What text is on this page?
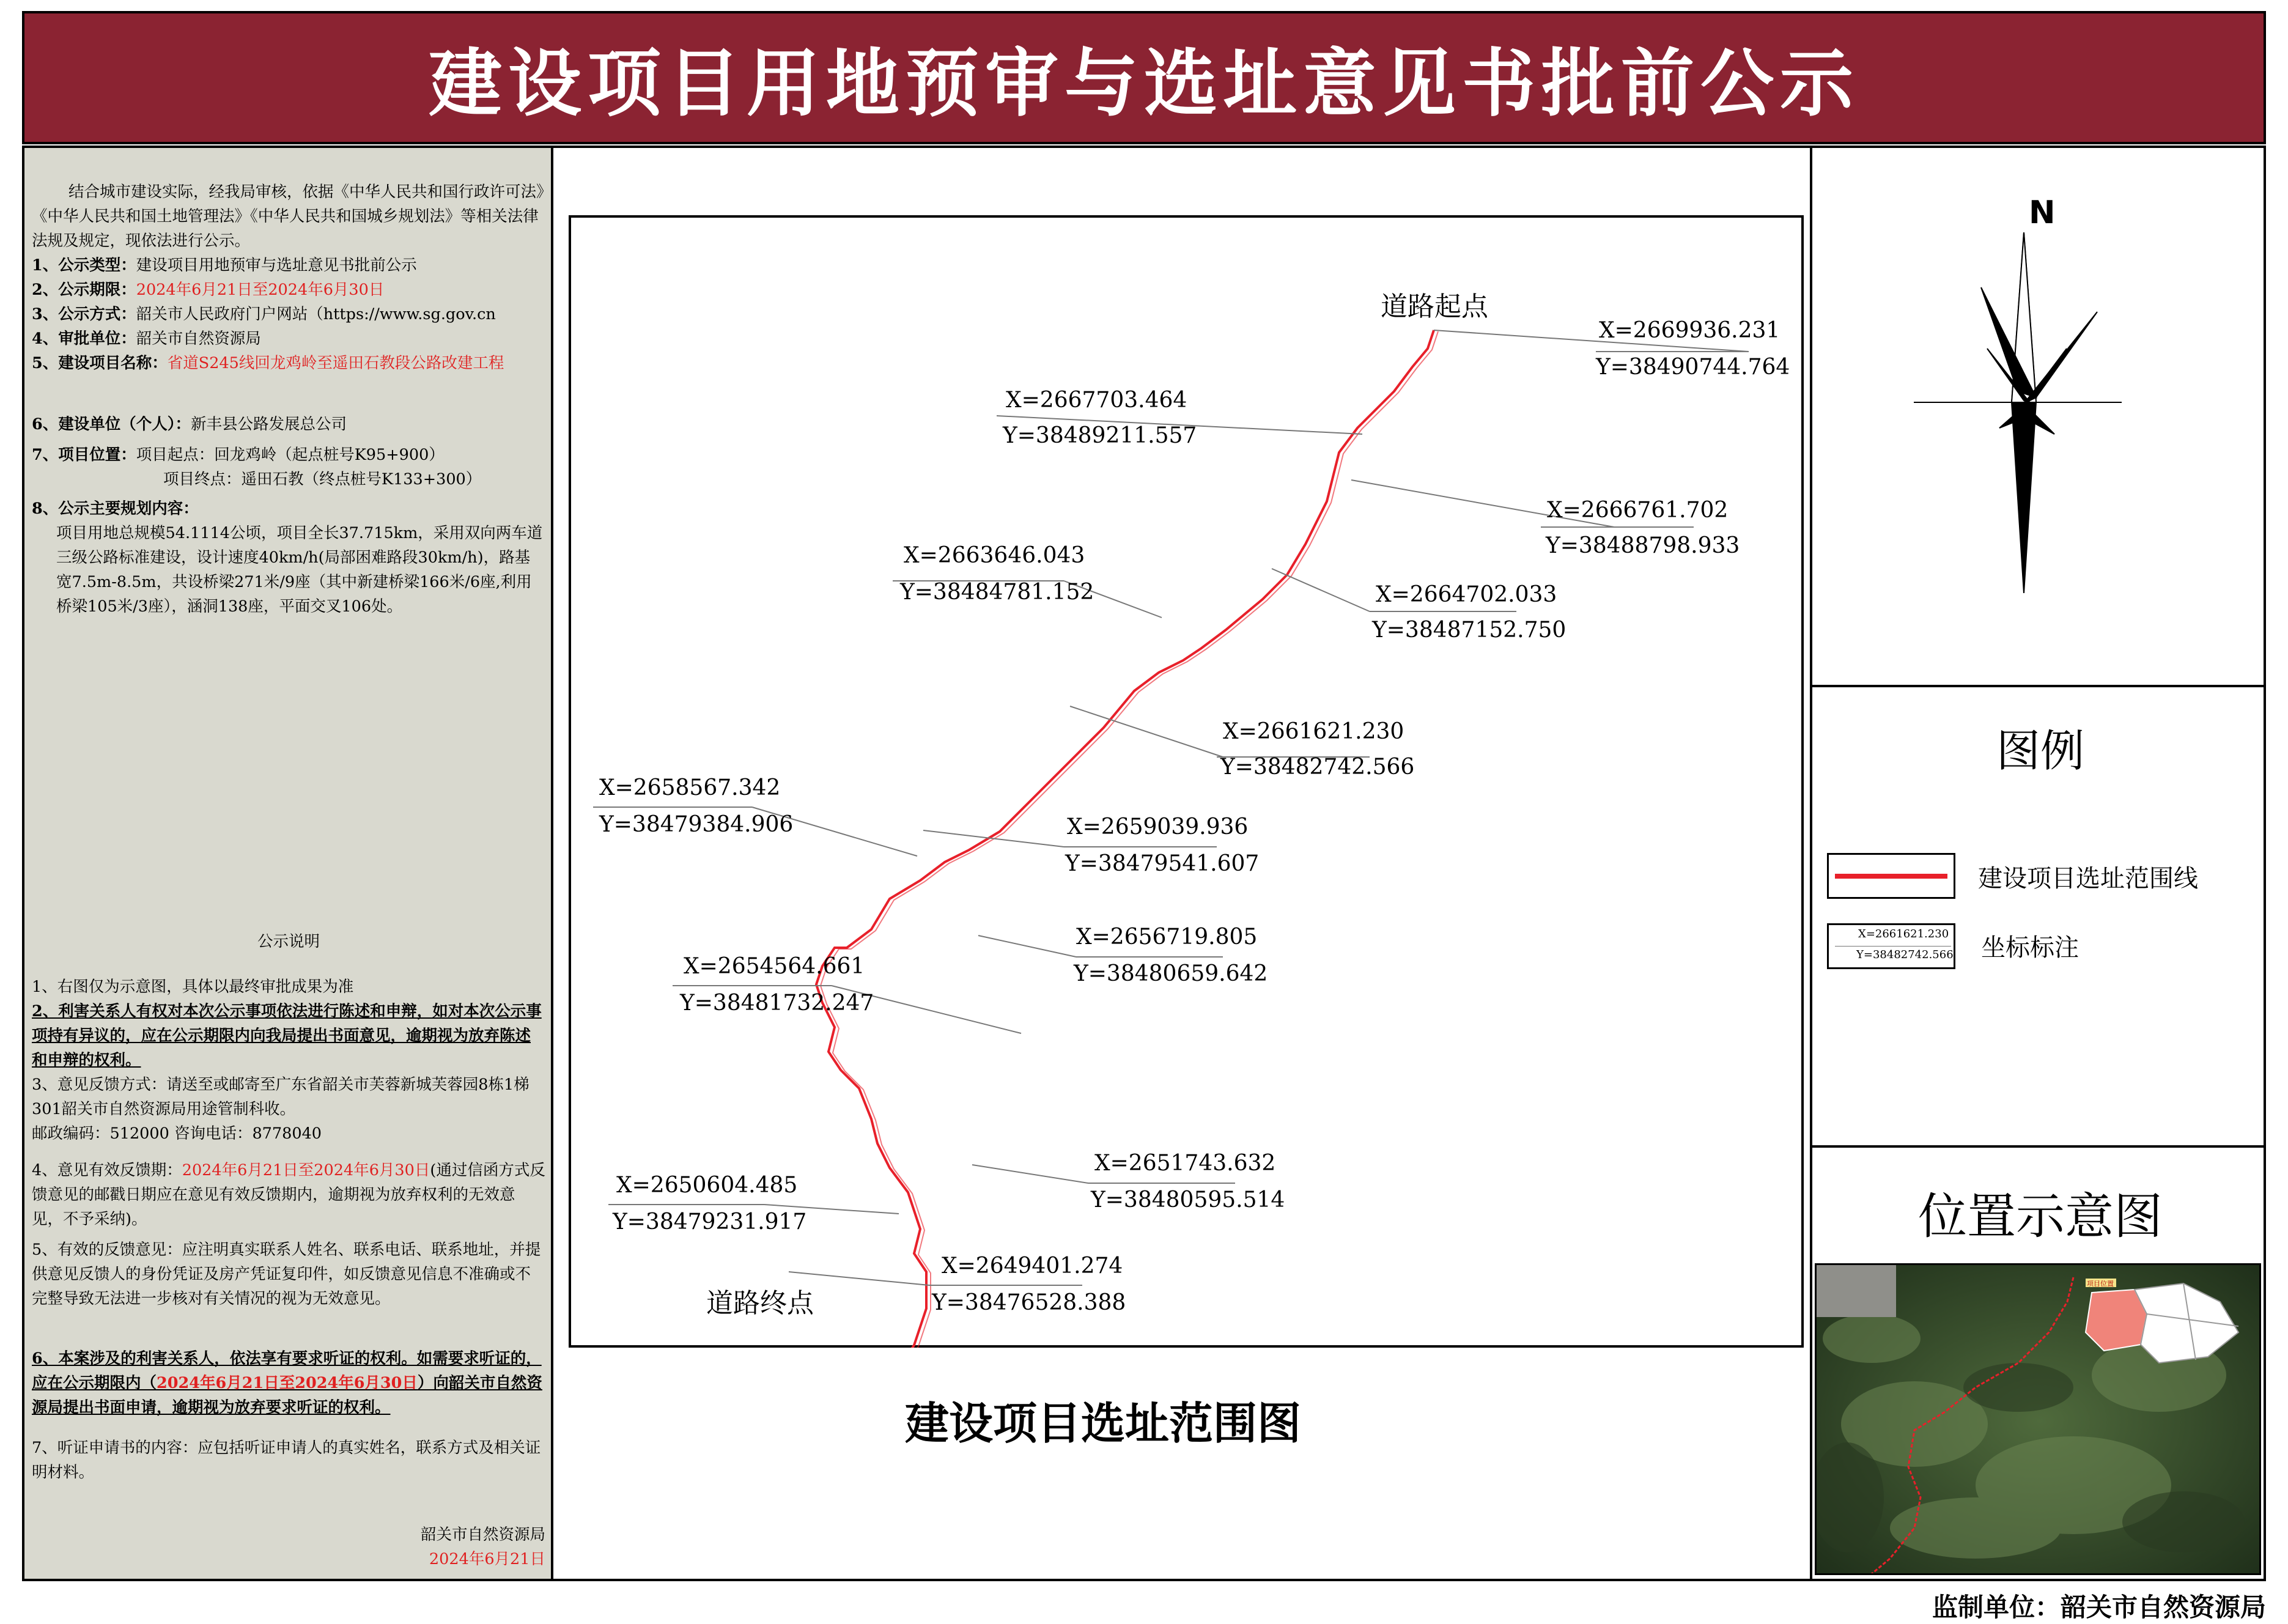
建设项目用地预审与选址意见书批前公示
结合城市建设实际，经我局审核，依据《中华人民共和国行政许可法》《中华人民共和国土地管理法》《中华人民共和国城乡规划法》等相关法律法规及规定，现依法进行公示。
1、公示类型：建设项目用地预审与选址意见书批前公示
2、公示期限：2024年6月21日至2024年6月30日
3、公示方式：韶关市人民政府门户网站（https://www.sg.gov.cn
4、审批单位：韶关市自然资源局
5、建设项目名称：省道S245线回龙鸡岭至遥田石教段公路改建工程
6、建设单位（个人）：新丰县公路发展总公司
7、项目位置：项目起点：回龙鸡岭（起点桩号K95+900）
项目终点：遥田石教（终点桩号K133+300）
8、公示主要规划内容：
项目用地总规模54.1114公顷，项目全长37.715km，采用双向两车道三级公路标准建设，设计速度40km/h(局部困难路段30km/h)，路基宽7.5m-8.5m，共设桥梁271米/9座（其中新建桥梁166米/6座,利用桥梁105米/3座），涵洞138座，平面交叉106处。
公示说明
1、右图仅为示意图，具体以最终审批成果为准
2、利害关系人有权对本次公示事项依法进行陈述和申辩，如对本次公示事项持有异议的，应在公示期限内向我局提出书面意见，逾期视为放弃陈述和申辩的权利。
3、意见反馈方式：请送至或邮寄至广东省韶关市芙蓉新城芙蓉园8栋1梯301韶关市自然资源局用途管制科收。
邮政编码：512000 咨询电话：8778040
4、意见有效反馈期：2024年6月21日至2024年6月30日(通过信函方式反馈意见的邮戳日期应在意见有效反馈期内，逾期视为放弃权利的无效意见，不予采纳)。
5、有效的反馈意见：应注明真实联系人姓名、联系电话、联系地址，并提供意见反馈人的身份凭证及房产凭证复印件，如反馈意见信息不准确或不完整导致无法进一步核对有关情况的视为无效意见。
6、本案涉及的利害关系人，依法享有要求听证的权利。如需要求听证的，应在公示期限内（2024年6月21日至2024年6月30日）向韶关市自然资源局提出书面申请，逾期视为放弃要求听证的权利。
7、听证申请书的内容：应包括听证申请人的真实姓名，联系方式及相关证明材料。
韶关市自然资源局
2024年6月21日
道路起点
道路终点
X=2669936.231
Y=38490744.764
X=2667703.464
Y=38489211.557
X=2666761.702
Y=38488798.933
X=2663646.043
Y=38484781.152	X=2664702.033
Y=38487152.750
X=2661621.230
Y=38482742.566
X=2658567.342
Y=38479384.906	X=2659039.936
Y=38479541.607
X=2656719.805
Y=38480659.642
X=2654564.661
Y=38481732.247
X=2651743.632
Y=38480595.514
X=2650604.485
Y=38479231.917
X=2649401.274
Y=38476528.388
建设项目选址范围图
N
图例
建设项目选址范围线
X=2661621.230
Y=38482742.566 坐标标注
位置示意图
项目位置
监制单位：韶关市自然资源局
